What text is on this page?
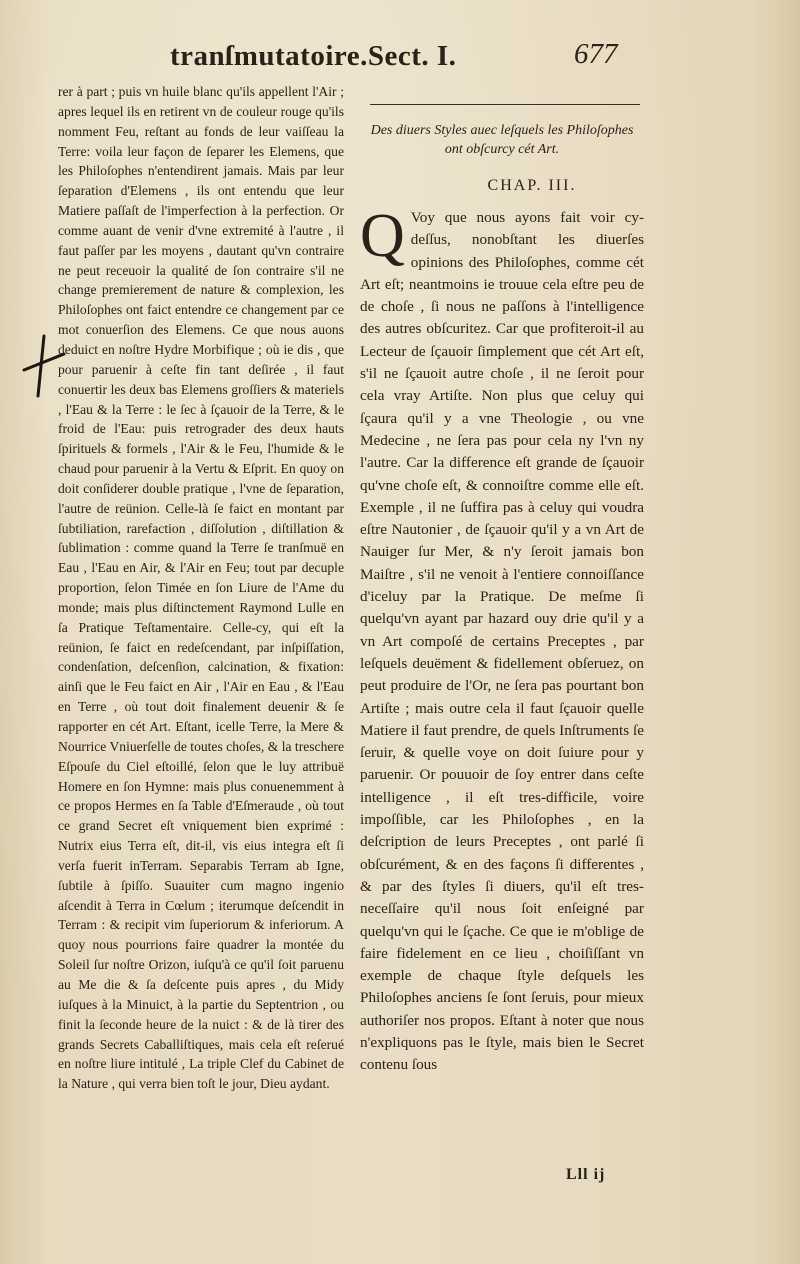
tranſmutatoire.Sect. I.	677

rer à part ; puis vn huile blanc qu'ils appellent l'Air ; apres lequel ils en retirent vn de couleur rouge qu'ils nomment Feu, reſtant au fonds de leur vaiſſeau la Terre: voila leur façon de ſeparer les Elemens, que les Philoſophes n'entendirent jamais. Mais par leur ſeparation d'Elemens , ils ont entendu que leur Matiere paſſaſt de l'imperfection à la perfection. Or comme auant de venir d'vne extremité à l'autre , il faut paſſer par les moyens , dautant qu'vn contraire ne peut receuoir la qualité de ſon contraire s'il ne change premierement de nature & complexion, les Philoſophes ont faict entendre ce changement par ce mot conuerſion des Elemens. Ce que nous auons deduict en noſtre Hydre Morbifique ; où ie dis , que pour paruenir à ceſte fin tant deſirée , il faut conuertir les deux bas Elemens groſſiers & materiels , l'Eau & la Terre : le ſec à ſçauoir de la Terre, & le froid de l'Eau: puis retrograder des deux hauts ſpirituels & formels , l'Air & le Feu, l'humide & le chaud pour paruenir à la Vertu & Eſprit. En quoy on doit conſiderer double pratique , l'vne de ſeparation, l'autre de reünion. Celle-là ſe faict en montant par ſubtiliation, rarefaction , diſſolution , diſtillation & ſublimation : comme quand la Terre ſe tranſmuë en Eau , l'Eau en Air, & l'Air en Feu; tout par decuple proportion, ſelon Timée en ſon Liure de l'Ame du monde; mais plus diſtinctement Raymond Lulle en ſa Pratique Teſtamentaire. Celle-cy, qui eſt la reünion, ſe faict en redeſcendant, par inſpiſſation, condenſation, deſcenſion, calcination, & fixation: ainſi que le Feu faict en Air , l'Air en Eau , & l'Eau en Terre , où tout doit finalement deuenir & ſe rapporter en cét Art. Eſtant, icelle Terre, la Mere & Nourrice Vniuerſelle de toutes choſes, & la treschere Eſpouſe du Ciel eſtoillé, ſelon que le luy attribuë Homere en ſon Hymne: mais plus conuenemment à ce propos Hermes en ſa Table d'Eſmeraude , où tout ce grand Secret eſt vniquement bien exprimé : Nutrix eius Terra eſt, dit-il, vis eius integra eſt ſi verſa fuerit inTerram. Separabis Terram ab Igne, ſubtile à ſpiſſo. Suauiter cum magno ingenio aſcendit à Terra in Cœlum ; iterumque deſcendit in Terram : & recipit vim ſuperiorum & inferiorum. A quoy nous pourrions faire quadrer la montée du Soleil ſur noſtre Orizon, iuſqu'à ce qu'il ſoit paruenu au Me die & ſa deſcente puis apres , du Midy iuſques à la Minuict, à la partie du Septentrion , ou finit la ſeconde heure de la nuict : & de là tirer des grands Secrets Caballiſtiques, mais cela eſt reſerué en noſtre liure intitulé , La triple Clef du Cabinet de la Nature , qui verra bien toſt le jour, Dieu aydant.

Des diuers Styles auec leſquels les Philoſophes ont obſcurcy cét Art.
CHAP. III.

Q Voy que nous ayons fait voir cy-deſſus, nonobſtant les diuerſes opinions des Philoſophes, comme cét Art eſt; neantmoins ie trouue cela eſtre peu de de choſe , ſi nous ne paſſons à l'intelligence des autres obſcuritez. Car que profiteroit-il au Lecteur de ſçauoir ſimplement que cét Art eſt, s'il ne ſçauoit autre choſe , il ne ſeroit pour cela vray Artiſte. Non plus que celuy qui ſçaura qu'il y a vne Theologie , ou vne Medecine , ne ſera pas pour cela ny l'vn ny l'autre. Car la difference eſt grande de ſçauoir qu'vne choſe eſt, & connoiſtre comme elle eſt. Exemple , il ne ſuffira pas à celuy qui voudra eſtre Nautonier , de ſçauoir qu'il y a vn Art de Nauiger ſur Mer, & n'y ſeroit jamais bon Maiſtre , s'il ne venoit à l'entiere connoiſſance d'iceluy par la Pratique. De meſme ſi quelqu'vn ayant par hazard ouy drie qu'il y a vn Art compoſé de certains Preceptes , par leſquels deuëment & fidellement obſeruez, on peut produire de l'Or, ne ſera pas pourtant bon Artiſte ; mais outre cela il faut ſçauoir quelle Matiere il faut prendre, de quels Inſtruments ſe ſeruir, & quelle voye on doit ſuiure pour y paruenir. Or pouuoir de ſoy entrer dans ceſte intelligence , il eſt tres-difficile, voire impoſſible, car les Philoſophes , en la deſcription de leurs Preceptes , ont parlé ſi obſcurément, & en des façons ſi differentes , & par des ſtyles ſi diuers, qu'il eſt tres-neceſſaire qu'il nous ſoit enſeigné par quelqu'vn qui le ſçache. Ce que ie m'oblige de faire fidelement en ce lieu , choiſiſſant vn exemple de chaque ſtyle deſquels les Philoſophes anciens ſe ſont ſeruis, pour mieux authoriſer nos propos. Eſtant à noter que nous n'expliquons pas le ſtyle, mais bien le Secret contenu ſous

Lll ij
